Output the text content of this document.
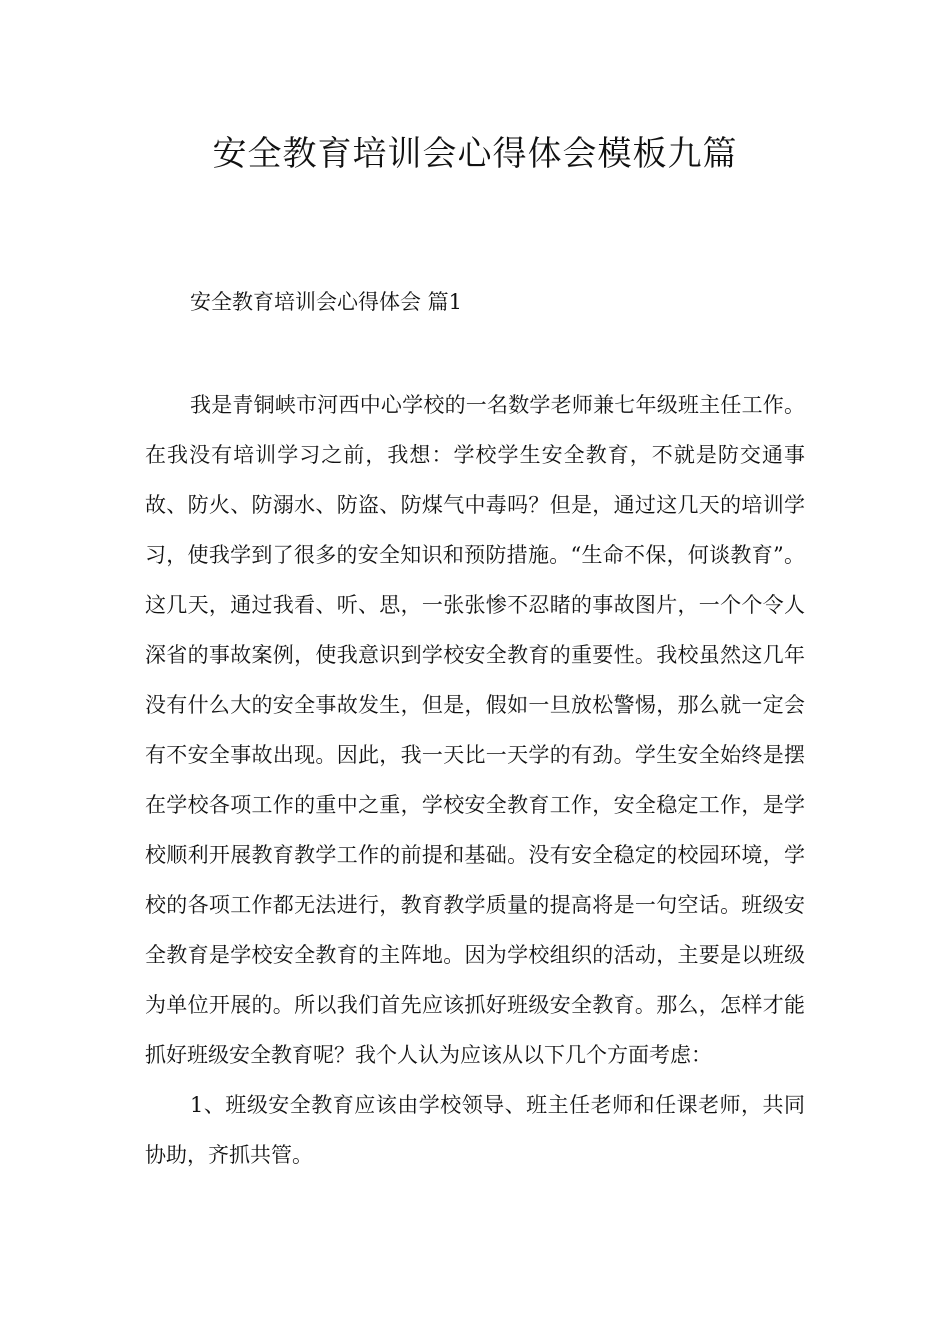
安全教育培训会心得体会模板九篇
安全教育培训会心得体会 篇1

我是青铜峡市河西中心学校的一名数学老师兼七年级班主任工作。在我没有培训学习之前，我想：学校学生安全教育，不就是防交通事故、防火、防溺水、防盗、防煤气中毒吗？但是，通过这几天的培训学习，使我学到了很多的安全知识和预防措施。“生命不保，何谈教育”。这几天，通过我看、听、思，一张张惨不忍睹的事故图片，一个个令人深省的事故案例，使我意识到学校安全教育的重要性。我校虽然这几年没有什么大的安全事故发生，但是，假如一旦放松警惕，那么就一定会有不安全事故出现。因此，我一天比一天学的有劲。学生安全始终是摆在学校各项工作的重中之重，学校安全教育工作，安全稳定工作，是学校顺利开展教育教学工作的前提和基础。没有安全稳定的校园环境，学校的各项工作都无法进行，教育教学质量的提高将是一句空话。班级安全教育是学校安全教育的主阵地。因为学校组织的活动，主要是以班级为单位开展的。所以我们首先应该抓好班级安全教育。那么，怎样才能抓好班级安全教育呢？我个人认为应该从以下几个方面考虑：

1、班级安全教育应该由学校领导、班主任老师和任课老师，共同协助，齐抓共管。
